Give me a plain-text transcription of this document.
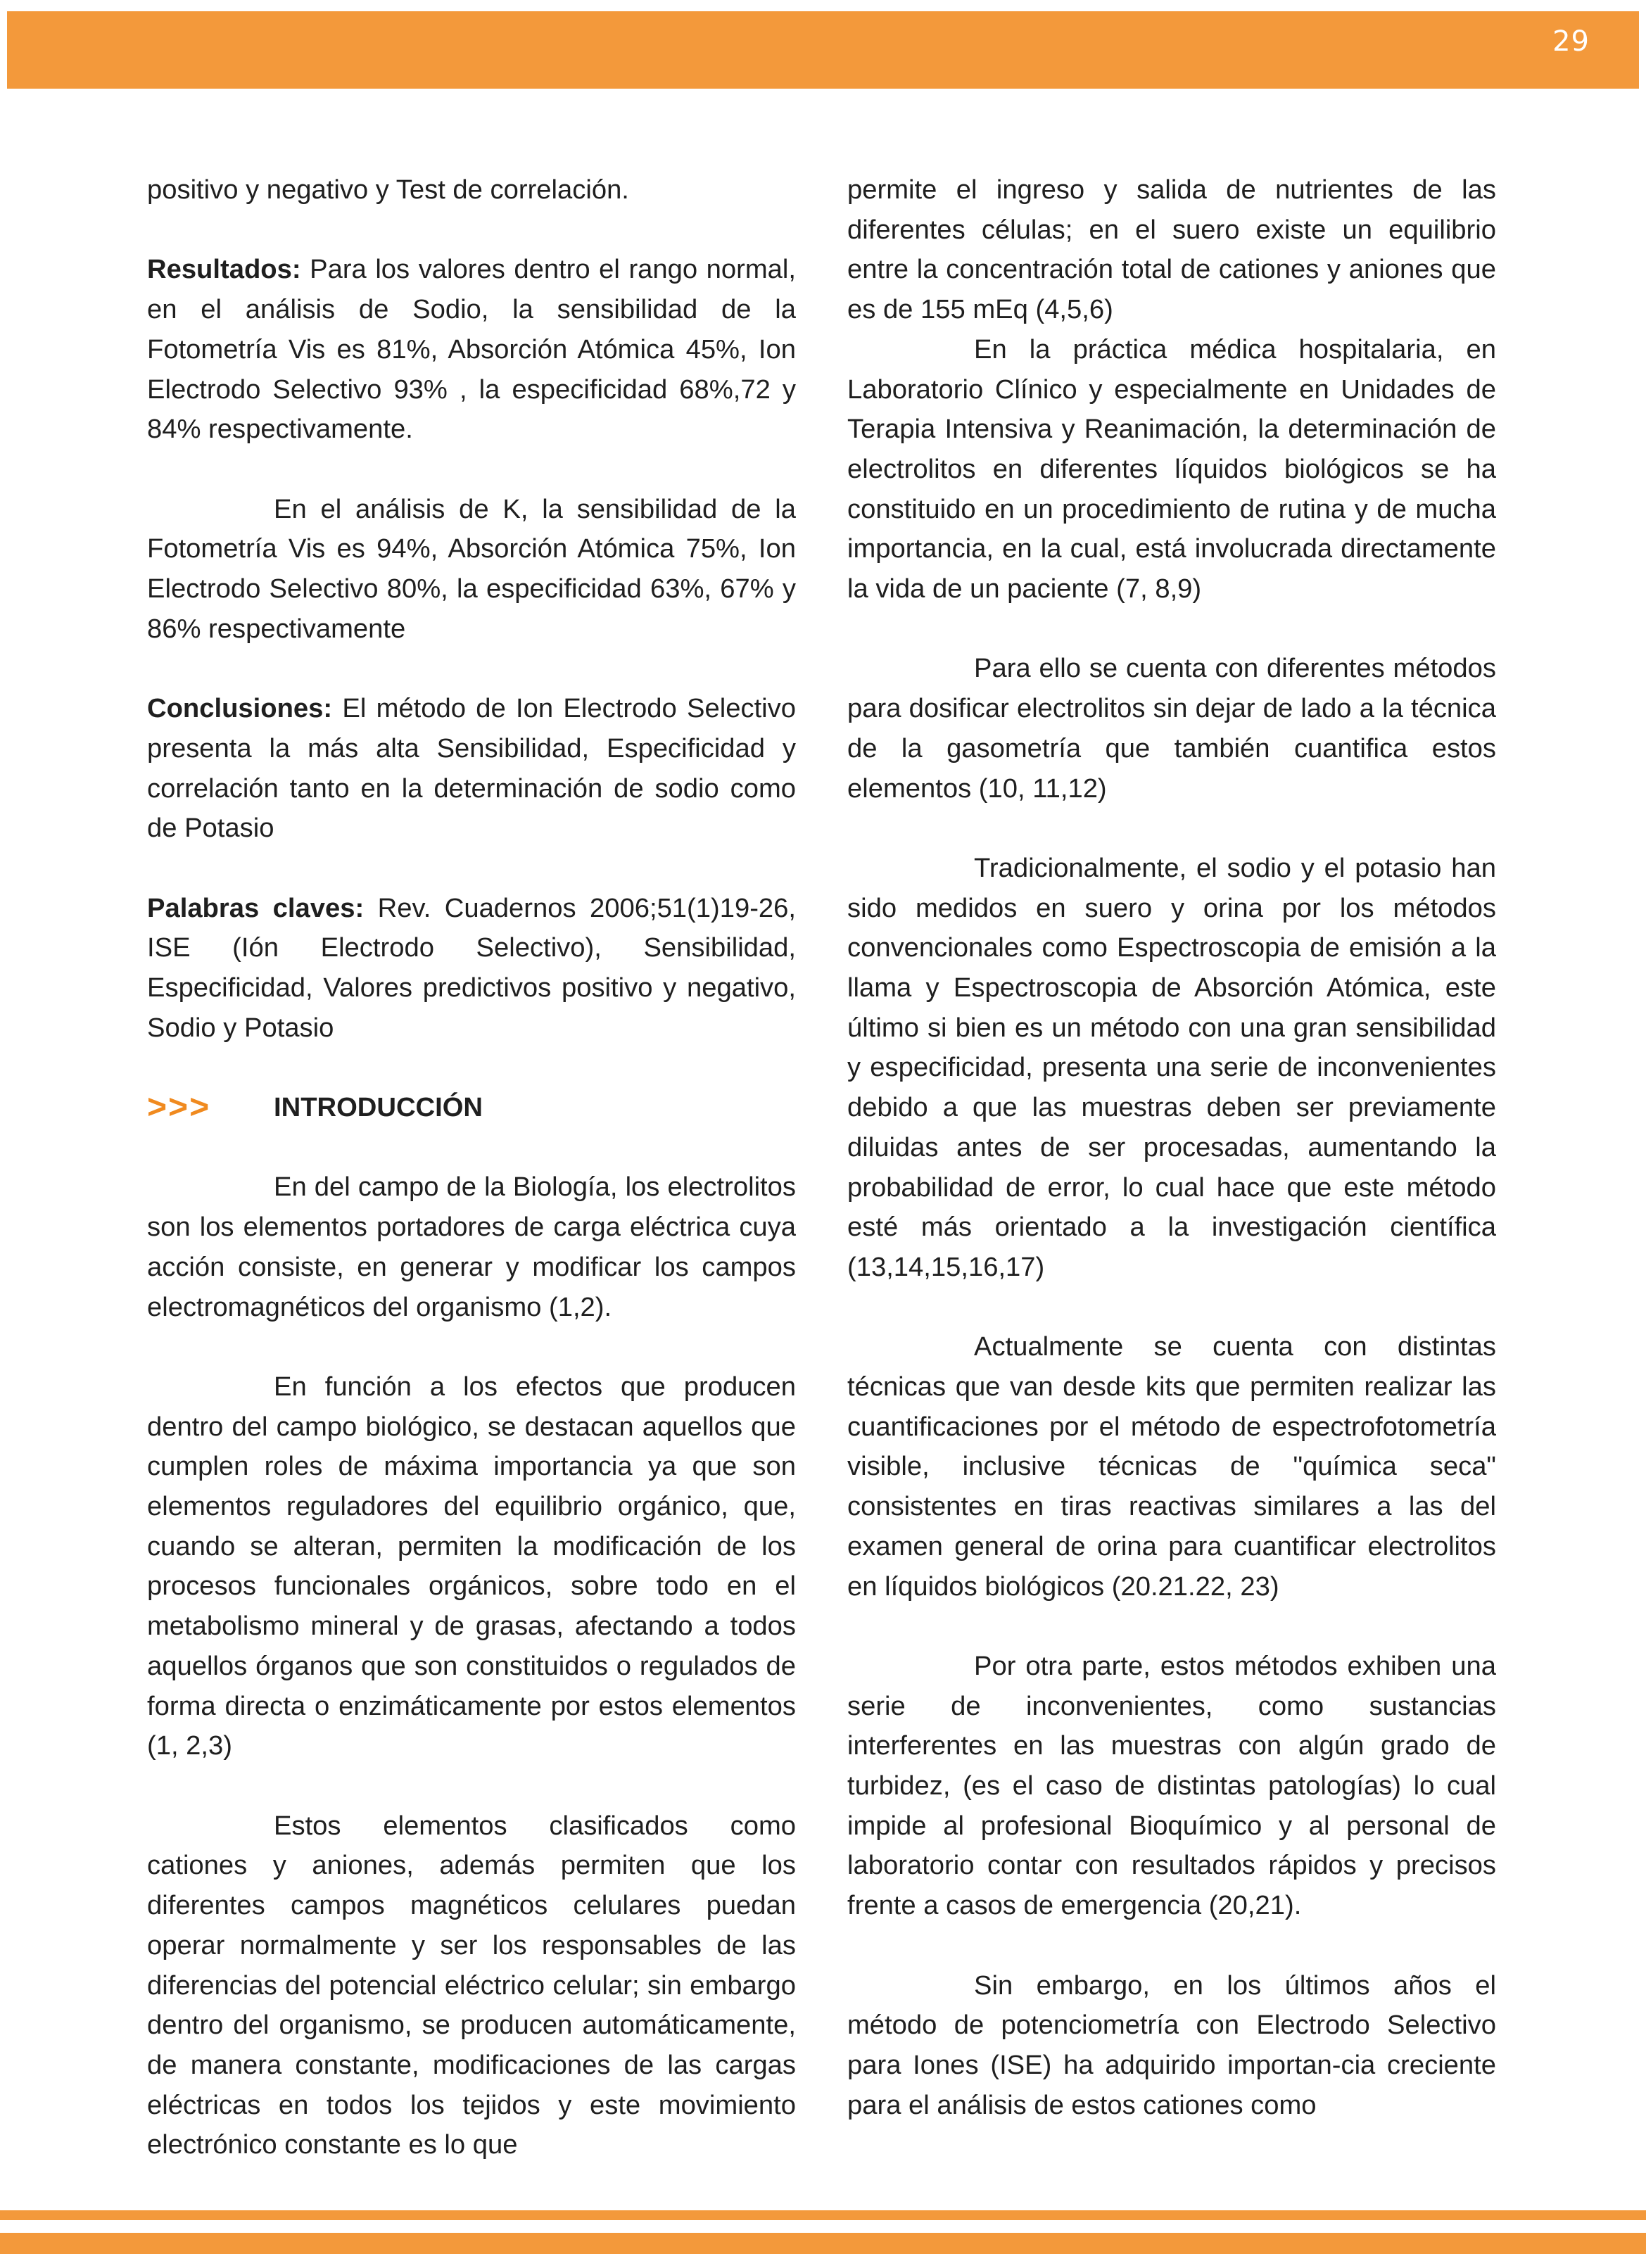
29

positivo y negativo y Test de correlación.

Resultados: Para los valores dentro el rango normal, en el análisis de Sodio, la sensibilidad de la Fotometría Vis es 81%, Absorción Atómica 45%, Ion Electrodo Selectivo 93% , la especificidad 68%,72 y 84% respectivamente.

En el análisis de K, la sensibilidad de la Fotometría Vis es 94%, Absorción Atómica 75%, Ion Electrodo Selectivo 80%, la especificidad 63%, 67% y 86% respectivamente

Conclusiones: El método de Ion Electrodo Selectivo presenta la más alta Sensibilidad, Especificidad y correlación tanto en la determinación de sodio como de Potasio

Palabras claves: Rev. Cuadernos 2006;51(1)19-26, ISE (Ión Electrodo Selectivo), Sensibilidad, Especificidad, Valores predictivos positivo y negativo, Sodio y Potasio

>>> INTRODUCCIÓN

En del campo de la Biología, los electrolitos son los elementos portadores de carga eléctrica cuya acción consiste, en generar y modificar los campos electromagnéticos del organismo (1,2).

En función a los efectos que producen dentro del campo biológico, se destacan aquellos que cumplen roles de máxima importancia ya que son elementos reguladores del equilibrio orgánico, que, cuando se alteran, permiten la modificación de los procesos funcionales orgánicos, sobre todo en el metabolismo mineral y de grasas, afectando a todos aquellos órganos que son constituidos o regulados de forma directa o enzimáticamente por estos elementos (1, 2,3)

Estos elementos clasificados como cationes y aniones, además permiten que los diferentes campos magnéticos celulares puedan operar normalmente y ser los responsables de las diferencias del potencial eléctrico celular; sin embargo dentro del organismo, se producen automáticamente, de manera constante, modificaciones de las cargas eléctricas en todos los tejidos y este movimiento electrónico constante es lo que

permite el ingreso y salida de nutrientes de las diferentes células; en el suero existe un equilibrio entre la concentración total de cationes y aniones que es de 155 mEq (4,5,6)

En la práctica médica hospitalaria, en Laboratorio Clínico y especialmente en Unidades de Terapia Intensiva y Reanimación, la determinación de electrolitos en diferentes líquidos biológicos se ha constituido en un procedimiento de rutina y de mucha importancia, en la cual, está involucrada directamente la vida de un paciente (7, 8,9)

Para ello se cuenta con diferentes métodos para dosificar electrolitos sin dejar de lado a la técnica de la gasometría que también cuantifica estos elementos (10, 11,12)

Tradicionalmente, el sodio y el potasio han sido medidos en suero y orina por los métodos convencionales como Espectroscopia de emisión a la llama y Espectroscopia de Absorción Atómica, este último si bien es un método con una gran sensibilidad y especificidad, presenta una serie de inconvenientes debido a que las muestras deben ser previamente diluidas antes de ser procesadas, aumentando la probabilidad de error, lo cual hace que este método esté más orientado a la investigación científica (13,14,15,16,17)

Actualmente se cuenta con distintas técnicas que van desde kits que permiten realizar las cuantificaciones por el método de espectrofotometría visible, inclusive técnicas de "química seca" consistentes en tiras reactivas similares a las del examen general de orina para cuantificar electrolitos en líquidos biológicos (20.21.22, 23)

Por otra parte, estos métodos exhiben una serie de inconvenientes, como sustancias interferentes en las muestras con algún grado de turbidez, (es el caso de distintas patologías) lo cual impide al profesional Bioquímico y al personal de laboratorio contar con resultados rápidos y precisos frente a casos de emergencia (20,21).

Sin embargo, en los últimos años el método de potenciometría con Electrodo Selectivo para Iones (ISE) ha adquirido importan-cia creciente para el análisis de estos cationes como
